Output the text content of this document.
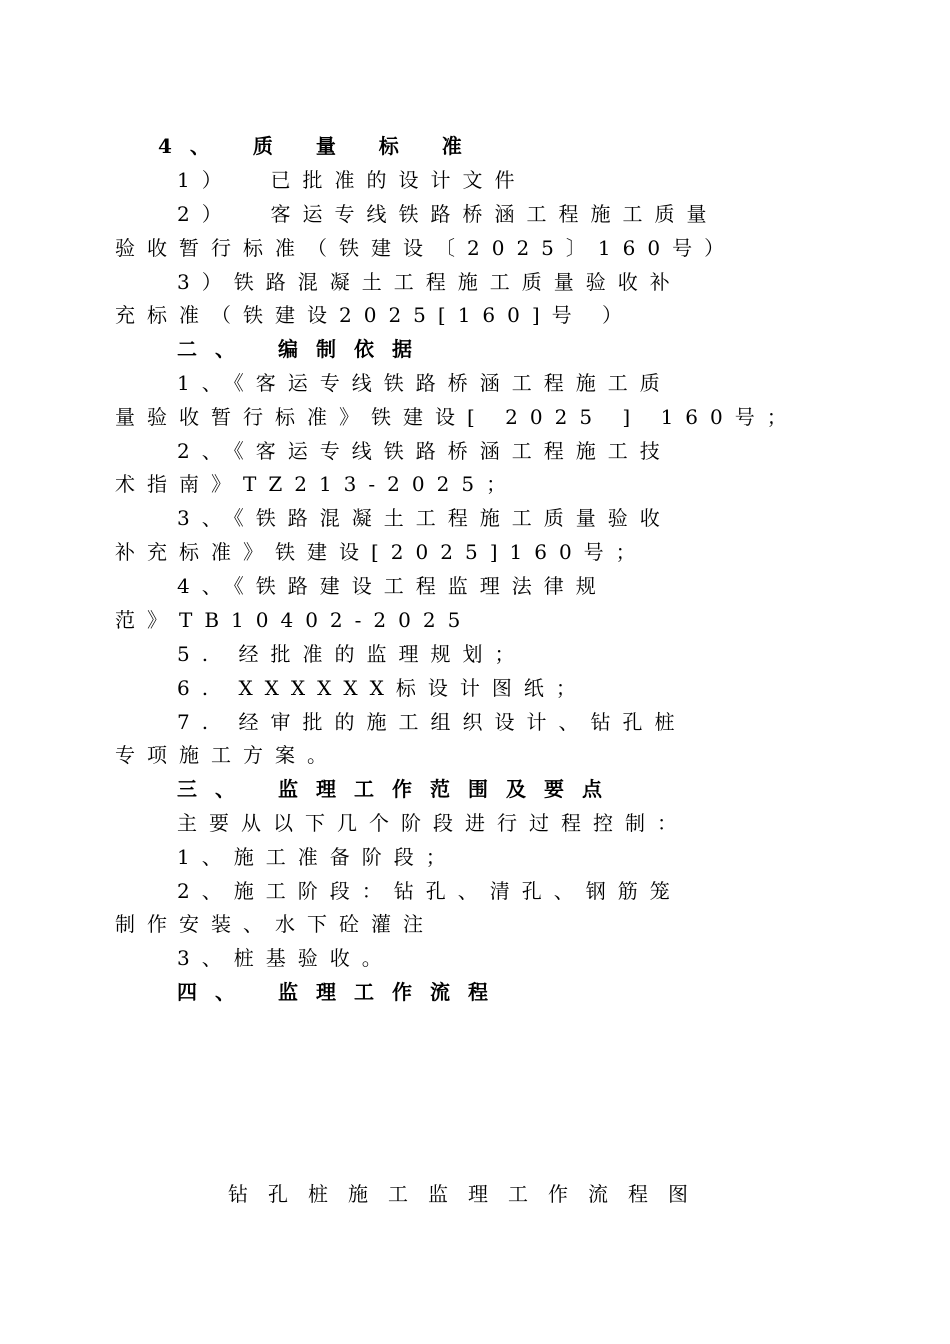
4、 质 量 标 准
1）  已批准的设计文件
2）  客运专线铁路桥涵工程施工质量
验收暂行标准（铁建设〔2025〕160号）
3）铁路混凝土工程施工质量验收补
充标准（铁建设2025[160]号 ）
二、 编制依据
1、《客运专线铁路桥涵工程施工质
量验收暂行标准》铁建设[ 2025 ] 160号；
2、《客运专线铁路桥涵工程施工技
术指南》TZ213-2025；
3、《铁路混凝土工程施工质量验收
补充标准》铁建设[2025]160号；
4、《铁路建设工程监理法律规
范》TB10402-2025
5. 经批准的监理规划；
6. XXXXXX标设计图纸；
7. 经审批的施工组织设计、钻孔桩
专项施工方案。
三、 监理工作范围及要点
主要从以下几个阶段进行过程控制：
1、施工准备阶段；
2、施工阶段：钻孔、清孔、钢筋笼
制作安装、水下砼灌注
3、桩基验收。
四、 监理工作流程
钻孔桩施工监理工作流程图
